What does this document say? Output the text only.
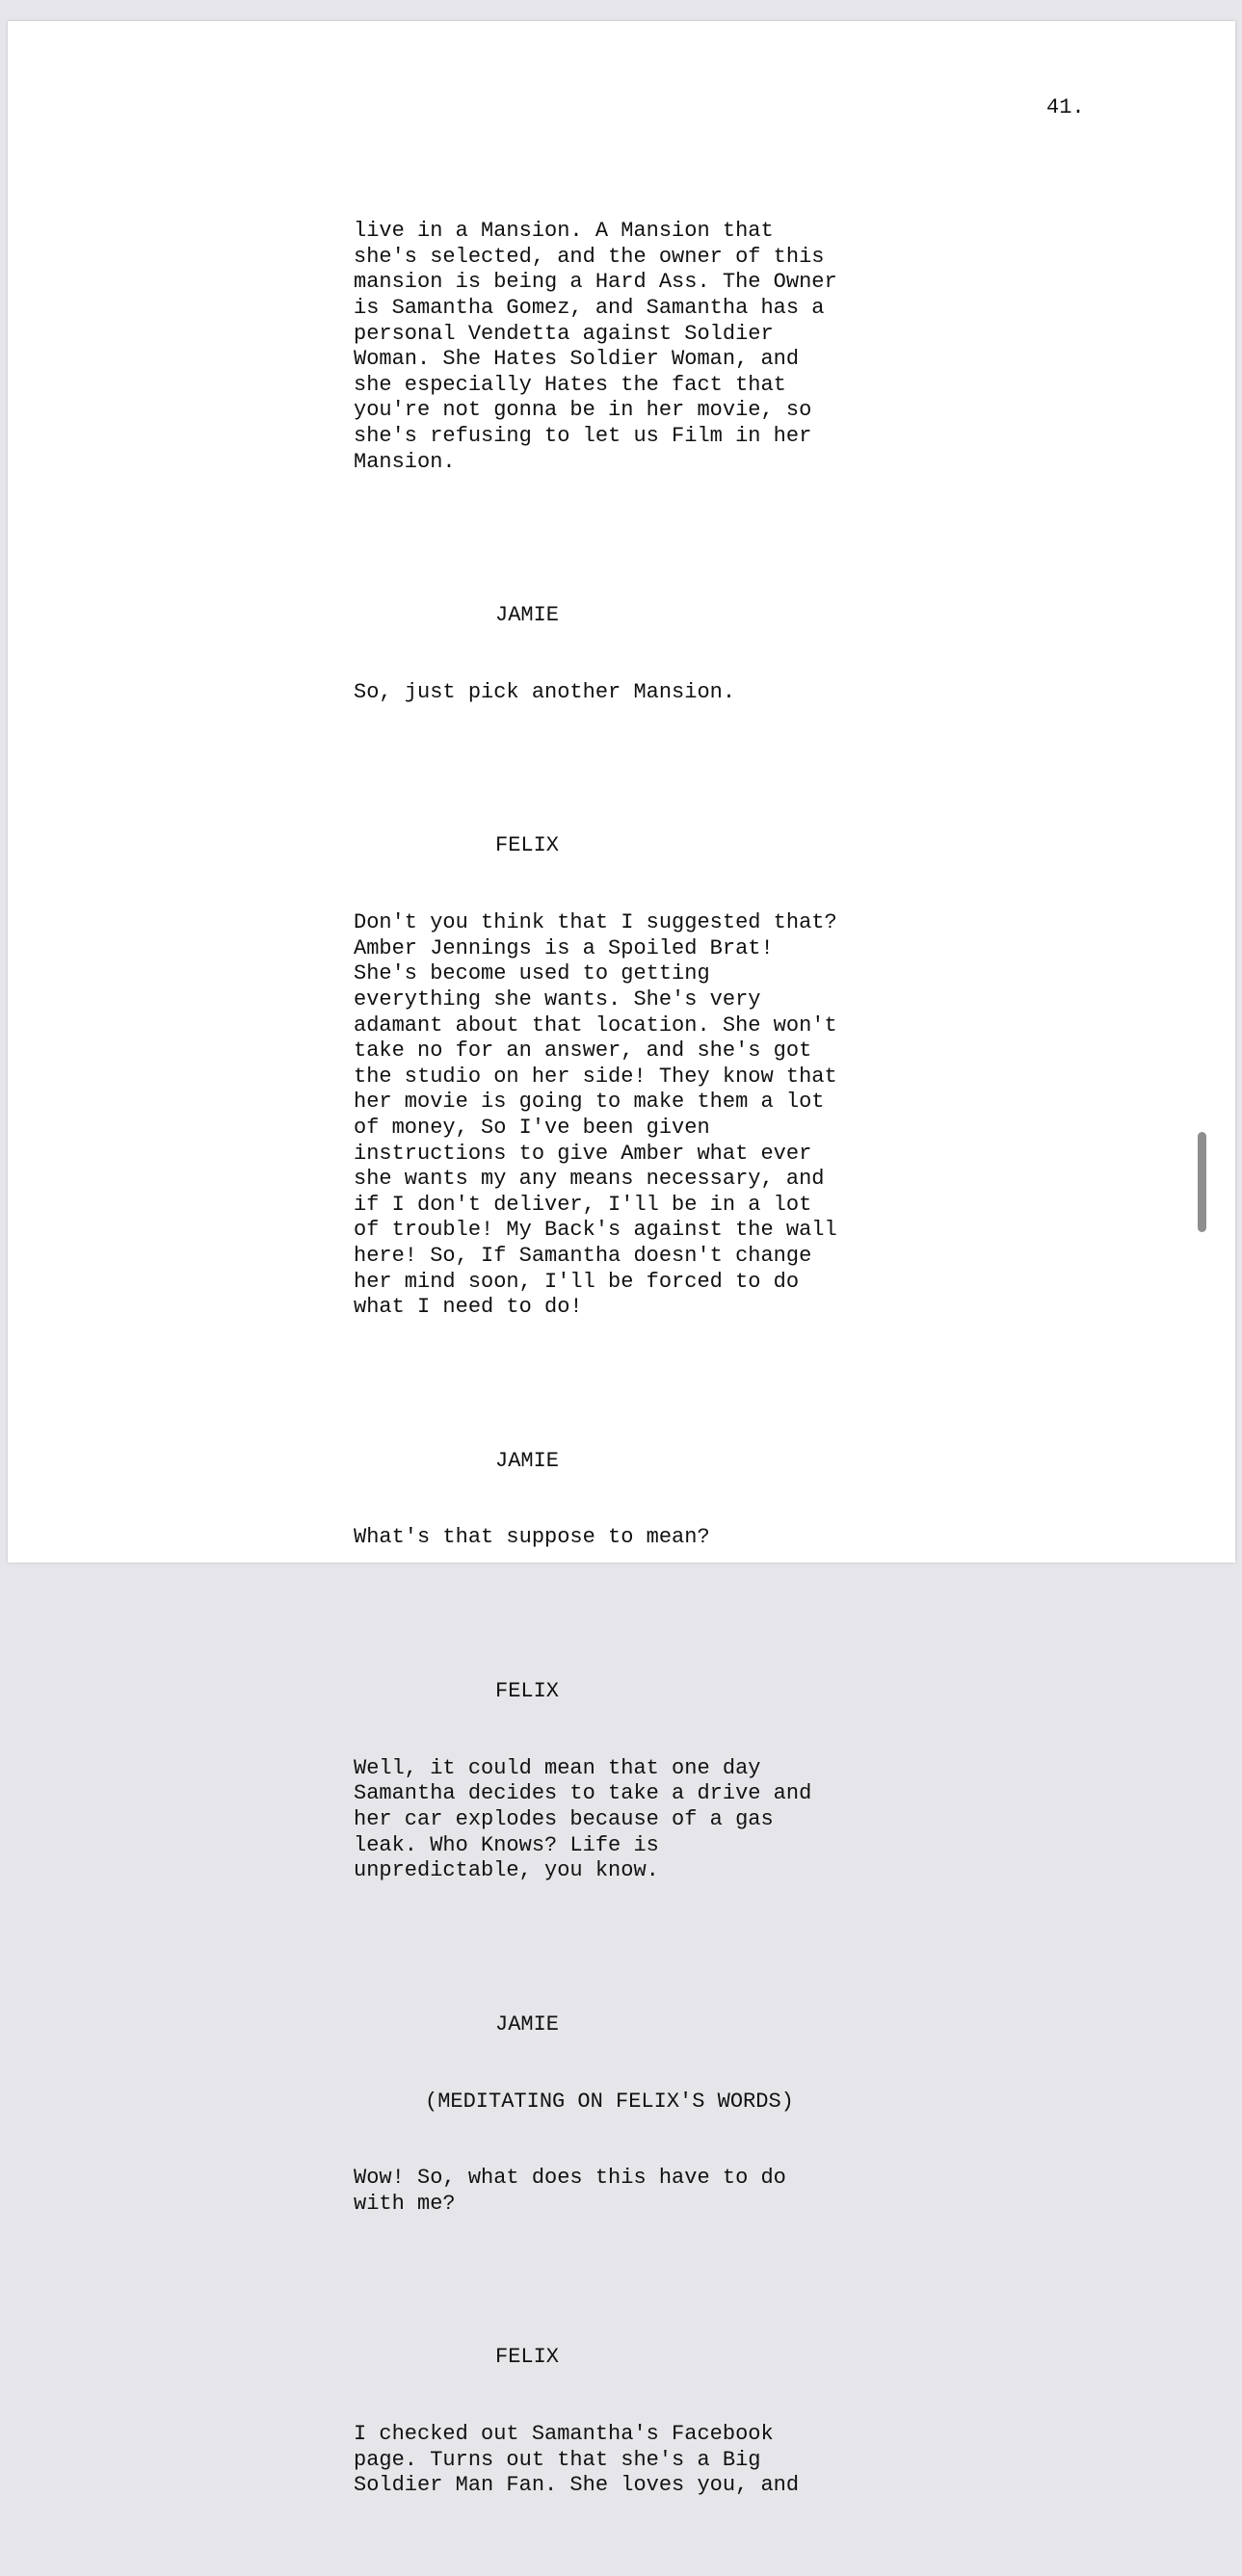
41.

live in a Mansion. A Mansion that
she's selected, and the owner of this
mansion is being a Hard Ass. The Owner
is Samantha Gomez, and Samantha has a
personal Vendetta against Soldier
Woman. She Hates Soldier Woman, and
she especially Hates the fact that
you're not gonna be in her movie, so
she's refusing to let us Film in her
Mansion.

JAMIE

So, just pick another Mansion.

FELIX

Don't you think that I suggested that?
Amber Jennings is a Spoiled Brat!
She's become used to getting
everything she wants. She's very
adamant about that location. She won't
take no for an answer, and she's got
the studio on her side! They know that
her movie is going to make them a lot
of money, So I've been given
instructions to give Amber what ever
she wants my any means necessary, and
if I don't deliver, I'll be in a lot
of trouble! My Back's against the wall
here! So, If Samantha doesn't change
her mind soon, I'll be forced to do
what I need to do!

JAMIE

What's that suppose to mean?

FELIX

Well, it could mean that one day
Samantha decides to take a drive and
her car explodes because of a gas
leak. Who Knows? Life is
unpredictable, you know.

JAMIE

(MEDITATING ON FELIX'S WORDS)

Wow! So, what does this have to do
with me?

FELIX

I checked out Samantha's Facebook
page. Turns out that she's a Big
Soldier Man Fan. She loves you, and
